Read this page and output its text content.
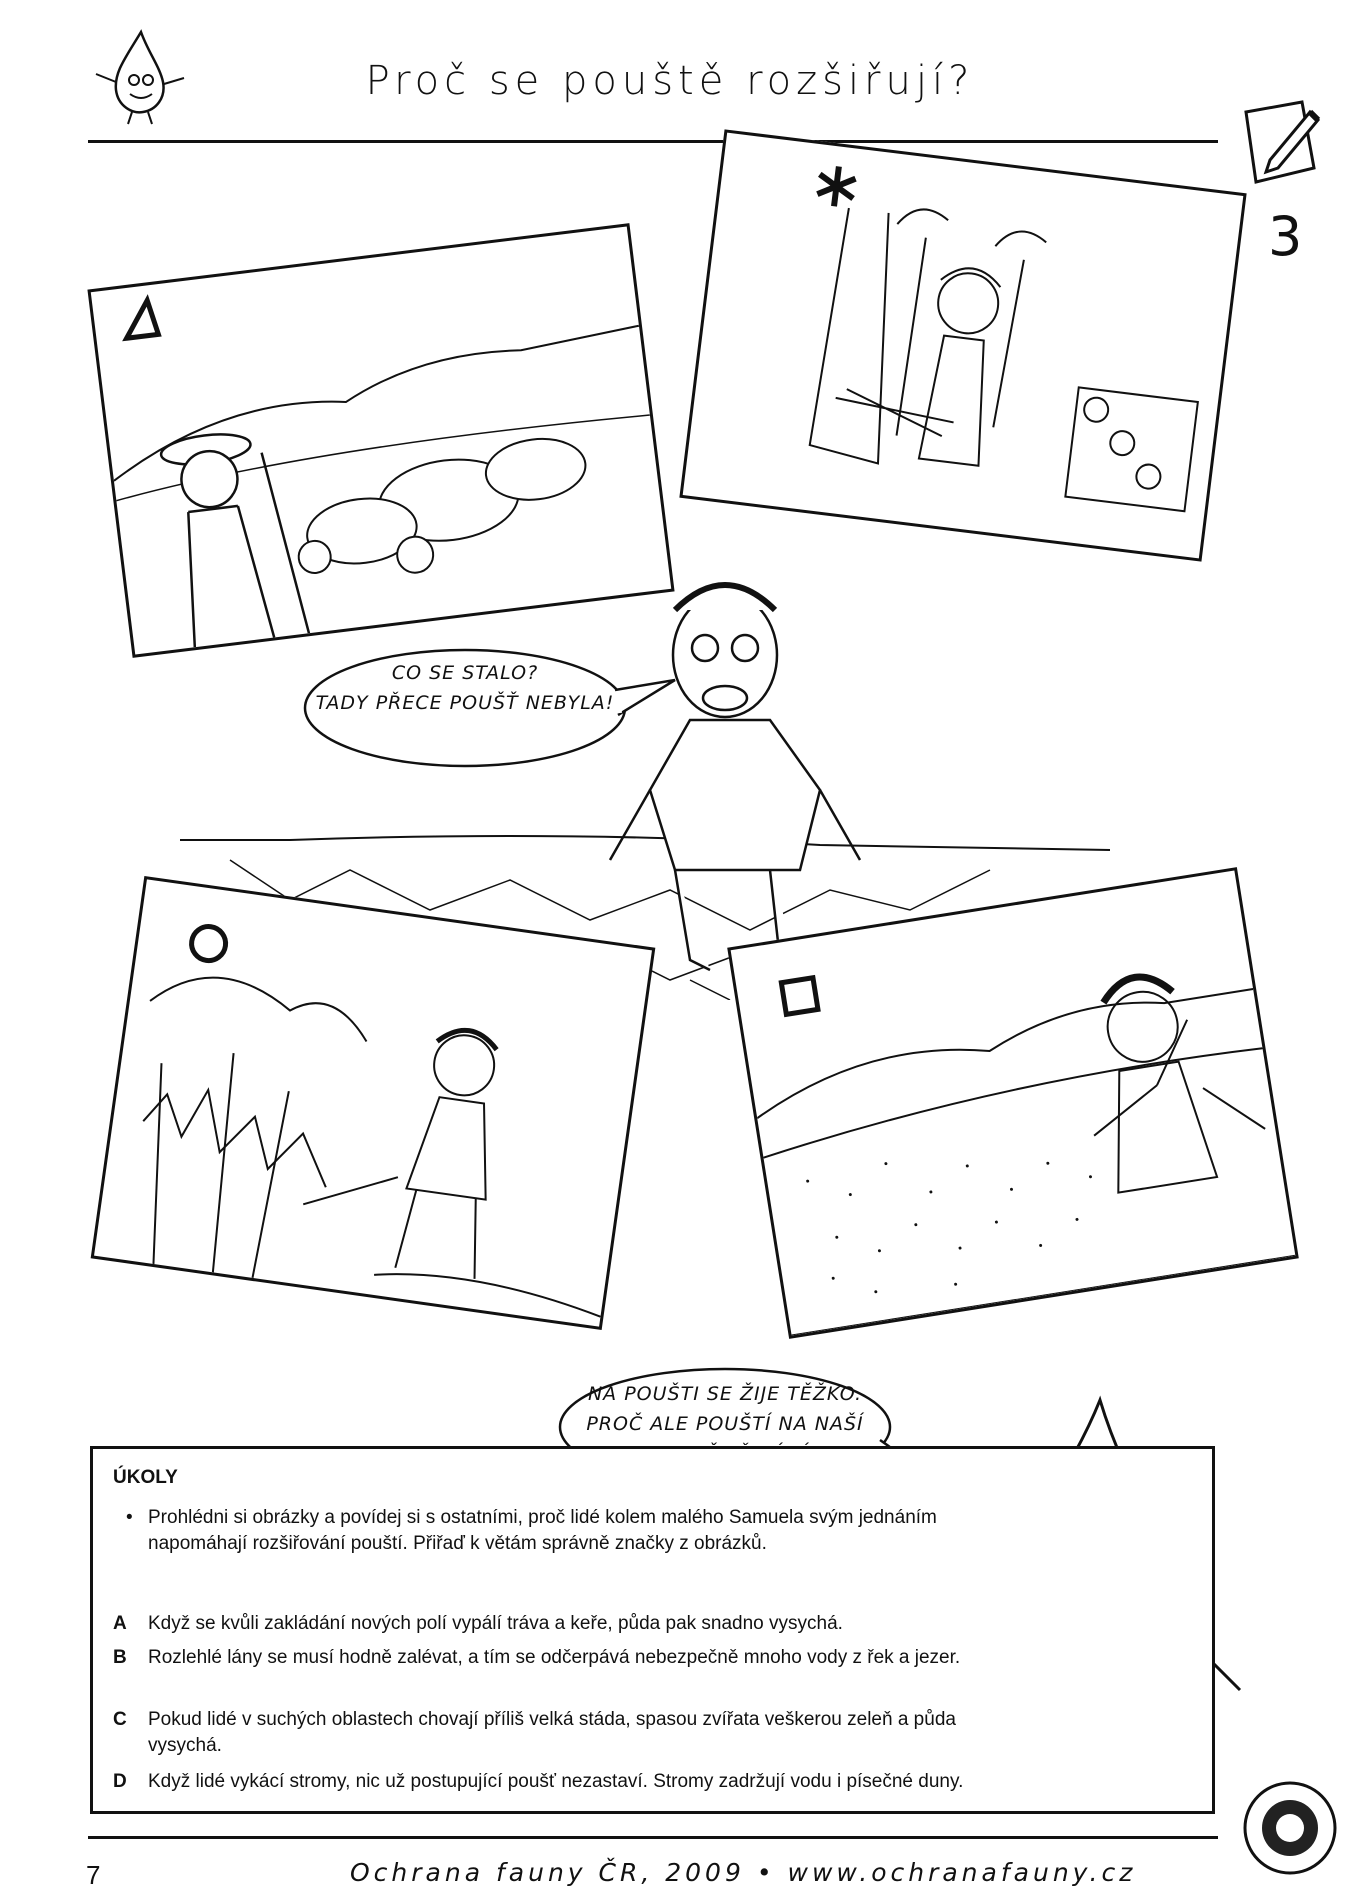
Proč se pouště rozšiřují?
3
CO SE STALO?
TADY PŘECE POUŠŤ NEBYLA!
NA POUŠTI SE ŽIJE TĚŽKO.
PROČ ALE POUŠTÍ NA NAŠÍ
ÚKOLY
• Prohlédni si obrázky a povídej si s ostatními, proč lidé kolem malého Samuela svým jednáním napomáhají rozšiřování pouští. Přiřaď k větám správně značky z obrázků.
A Když se kvůli zakládání nových polí vypálí tráva a keře, půda pak snadno vysychá.
B Rozlehlé lány se musí hodně zalévat, a tím se odčerpává nebezpečně mnoho vody z řek a jezer.
C Pokud lidé v suchých oblastech chovají příliš velká stáda, spasou zvířata veškerou zeleň a půda vysychá.
D Když lidé vykácí stromy, nic už postupující poušť nezastaví. Stromy zadržují vodu i písečné duny.
7	Ochrana fauny ČR, 2009 • www.ochranafauny.cz
